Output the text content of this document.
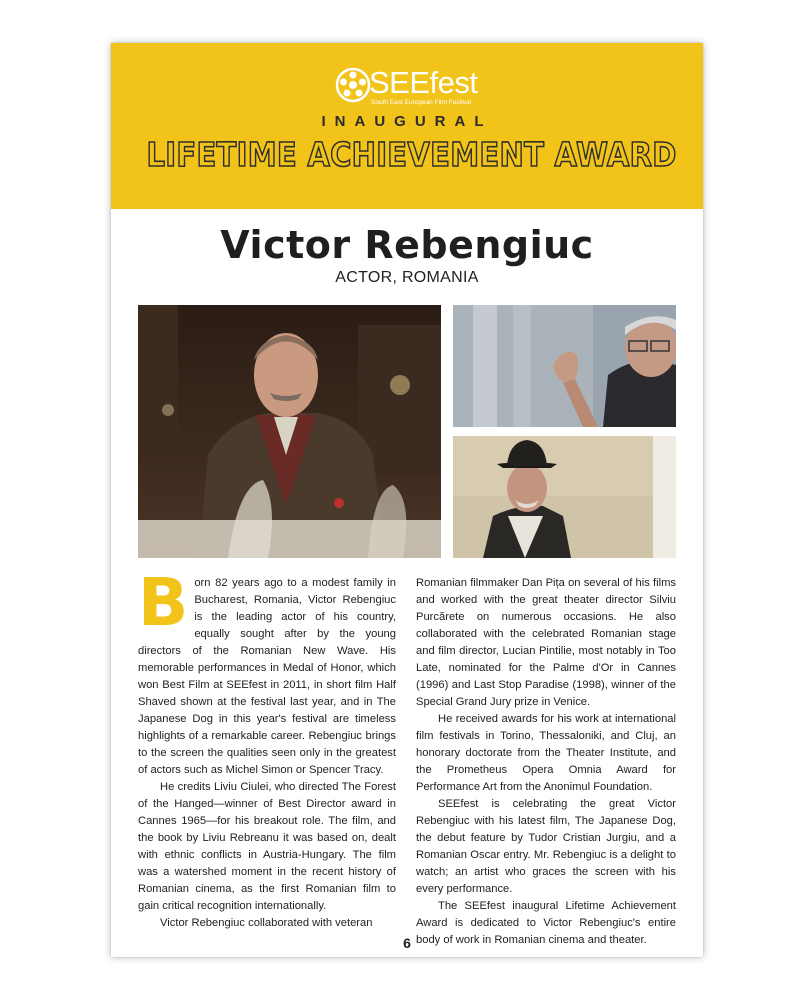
SEEfest
South East European Film Festival
INAUGURAL
LIFETIME ACHIEVEMENT AWARD
Victor Rebengiuc
ACTOR, ROMANIA

Born 82 years ago to a modest family in Bucharest, Romania, Victor Rebengiuc is the leading actor of his country, equally sought after by the young directors of the Romanian New Wave. His memorable performances in Medal of Honor, which won Best Film at SEEfest in 2011, in short film Half Shaved shown at the festival last year, and in The Japanese Dog in this year's festival are timeless highlights of a remarkable career. Rebengiuc brings to the screen the qualities seen only in the greatest of actors such as Michel Simon or Spencer Tracy.

He credits Liviu Ciulei, who directed The Forest of the Hanged—winner of Best Director award in Cannes 1965—for his breakout role. The film, and the book by Liviu Rebreanu it was based on, dealt with ethnic conflicts in Austria-Hungary. The film was a watershed moment in the recent history of Romanian cinema, as the first Romanian film to gain critical recognition internationally.

Victor Rebengiuc collaborated with veteran

Romanian filmmaker Dan Pița on several of his films and worked with the great theater director Silviu Purcărete on numerous occasions. He also collaborated with the celebrated Romanian stage and film director, Lucian Pintilie, most notably in Too Late, nominated for the Palme d'Or in Cannes (1996) and Last Stop Paradise (1998), winner of the Special Grand Jury prize in Venice.

He received awards for his work at international film festivals in Torino, Thessaloniki, and Cluj, an honorary doctorate from the Theater Institute, and the Prometheus Opera Omnia Award for Performance Art from the Anonimul Foundation.

SEEfest is celebrating the great Victor Rebengiuc with his latest film, The Japanese Dog, the debut feature by Tudor Cristian Jurgiu, and a Romanian Oscar entry. Mr. Rebengiuc is a delight to watch; an artist who graces the screen with his every performance.

The SEEfest inaugural Lifetime Achievement Award is dedicated to Victor Rebengiuc's entire body of work in Romanian cinema and theater.

6
